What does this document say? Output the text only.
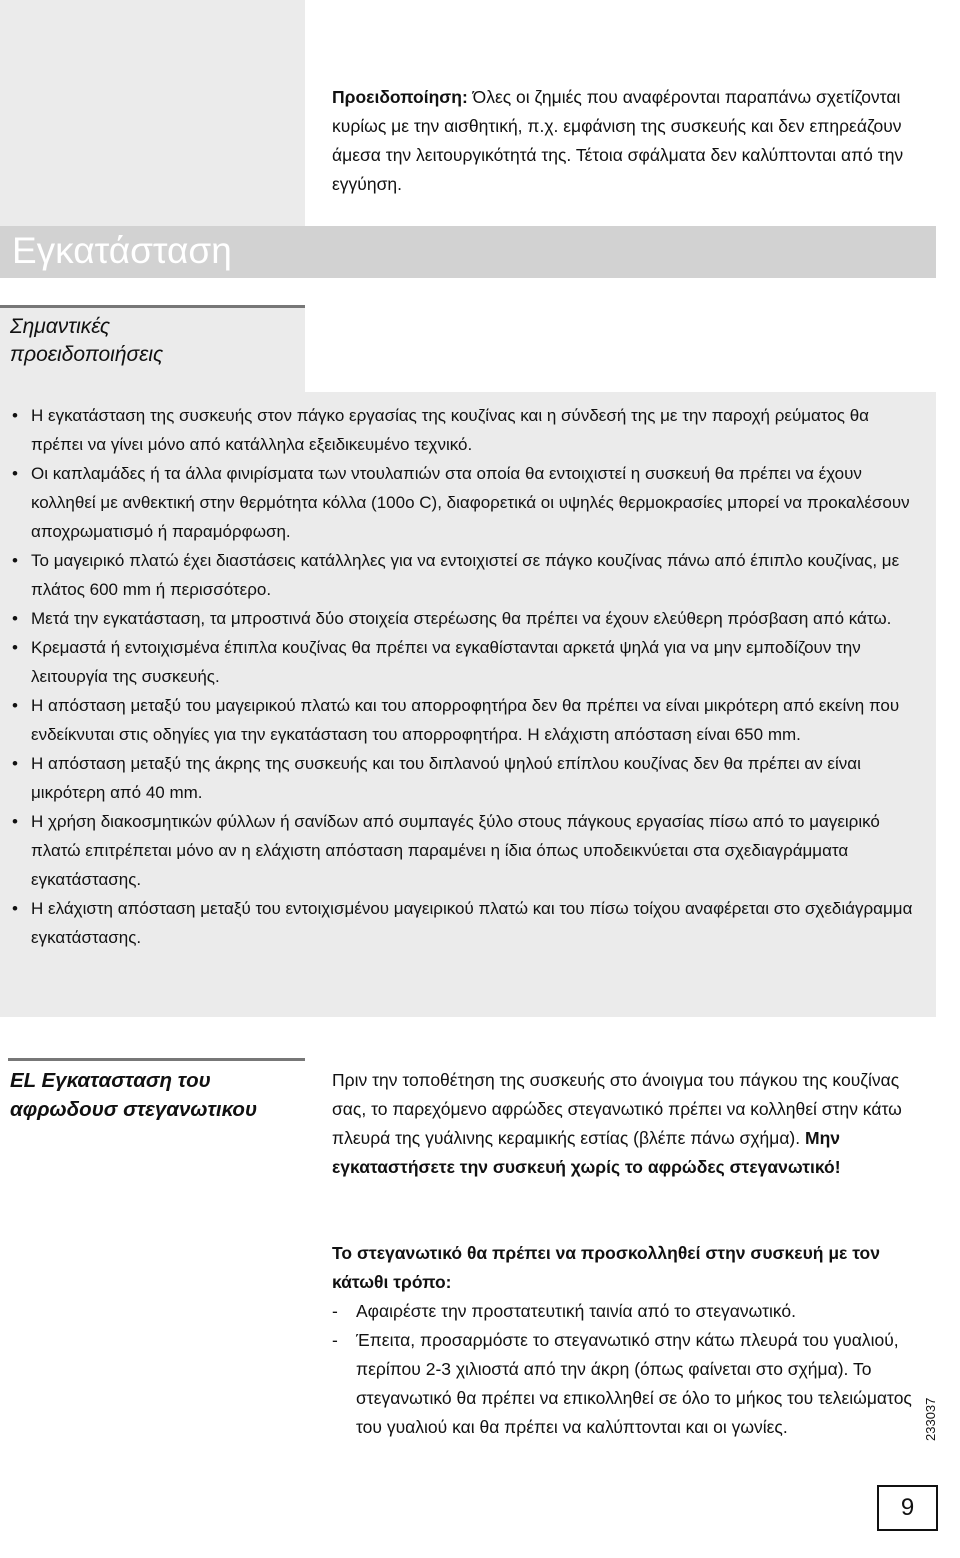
Προειδοποίηση: Όλες οι ζημιές που αναφέρονται παραπάνω σχετίζονται κυρίως με την αισθητική, π.χ. εμφάνιση της συσκευής και δεν επηρεάζουν άμεσα την λειτουργικότητά της. Τέτοια σφάλματα δεν καλύπτονται από την εγγύηση.

Εγκατάσταση
Σημαντικές προειδοποιήσεις
• Η εγκατάσταση της συσκευής στον πάγκο εργασίας της κουζίνας και η σύνδεσή της με την παροχή ρεύματος θα πρέπει να γίνει μόνο από κατάλληλα εξειδικευμένο τεχνικό.
• Οι καπλαμάδες ή τα άλλα φινιρίσματα των ντουλαπιών στα οποία θα εντοιχιστεί η συσκευή θα πρέπει να έχουν κολληθεί με ανθεκτική στην θερμότητα κόλλα (100ο C), διαφορετικά οι υψηλές θερμοκρασίες μπορεί να προκαλέσουν αποχρωματισμό ή παραμόρφωση.
• Το μαγειρικό πλατώ έχει διαστάσεις κατάλληλες για να εντοιχιστεί σε πάγκο κουζίνας πάνω από έπιπλο κουζίνας, με πλάτος 600 mm ή περισσότερο.
• Μετά την εγκατάσταση, τα μπροστινά δύο στοιχεία στερέωσης θα πρέπει να έχουν ελεύθερη πρόσβαση από κάτω.
• Κρεμαστά ή εντοιχισμένα έπιπλα κουζίνας θα πρέπει να εγκαθίστανται αρκετά ψηλά για να μην εμποδίζουν την λειτουργία της συσκευής.
• Η απόσταση μεταξύ του μαγειρικού πλατώ και του απορροφητήρα δεν θα πρέπει να είναι μικρότερη από εκείνη που ενδείκνυται στις οδηγίες για την εγκατάσταση του απορροφητήρα. Η ελάχιστη απόσταση είναι 650 mm.
• Η απόσταση μεταξύ της άκρης της συσκευής και του διπλανού ψηλού επίπλου κουζίνας δεν θα πρέπει αν είναι μικρότερη από 40 mm.
• Η χρήση διακοσμητικών φύλλων ή σανίδων από συμπαγές ξύλο στους πάγκους εργασίας πίσω από το μαγειρικό πλατώ επιτρέπεται μόνο αν η ελάχιστη απόσταση παραμένει η ίδια όπως υποδεικνύεται στα σχεδιαγράμματα εγκατάστασης.
• Η ελάχιστη απόσταση μεταξύ του εντοιχισμένου μαγειρικού πλατώ και του πίσω τοίχου αναφέρεται στο σχεδιάγραμμα εγκατάστασης.
EL Εγκατασταση του αφρωδουσ στεγανωτικου

Πριν την τοποθέτηση της συσκευής στο άνοιγμα του πάγκου της κουζίνας σας, το παρεχόμενο αφρώδες στεγανωτικό πρέπει να κολληθεί στην κάτω πλευρά της γυάλινης κεραμικής εστίας (βλέπε πάνω σχήμα). Μην εγκαταστήσετε την συσκευή χωρίς το αφρώδες στεγανωτικό!

Το στεγανωτικό θα πρέπει να προσκολληθεί στην συσκευή με τον κάτωθι τρόπο:

- Αφαιρέστε την προστατευτική ταινία από το στεγανωτικό.
- Έπειτα, προσαρμόστε το στεγανωτικό στην κάτω πλευρά του γυαλιού, περίπου 2-3 χιλιοστά από την άκρη (όπως φαίνεται στο σχήμα). Το στεγανωτικό θα πρέπει να επικολληθεί σε όλο το μήκος του τελειώματος του γυαλιού και θα πρέπει να καλύπτονται και οι γωνίες.	233037
9
